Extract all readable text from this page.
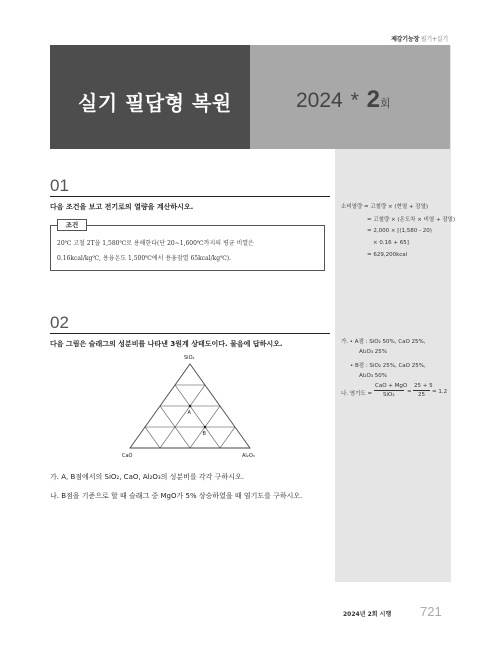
제강기능장 필기+실기
실기 필답형 복원	2024 * 2회
01
다음 조건을 보고 전기로의 열량을 계산하시오.
조건
20℃ 고철 2T을 1,580℃로 용해한다(단 20~1,600℃까지의 평균 비열은
0.16kcal/kg℃, 용융온도 1,500℃에서 용융잠열 65kcal/kg℃).
소비열량 = 고철량 × (현열 + 잠열)
= 고철량 × (온도차 × 비열 + 잠열)
= 2,000 × [(1,580 - 20)
× 0.16 + 65]
= 629,200kcal
02
다음 그림은 슬래그의 성분비를 나타낸 3원계 상태도이다. 물음에 답하시오.
SiO₂
CaO	Al₂O₃
A
B
가. A, B점에서의 SiO₂, CaO, Al₂O₃의 성분비를 각각 구하시오.
나. B점을 기준으로 할 때 슬래그 중 MgO가 5% 상승하였을 때 염기도를 구하시오.
가. • A점 : SiO₂ 50%, CaO 25%,
Al₂O₃ 25%
• B점 : SiO₂ 25%, CaO 25%,
Al₂O₃ 50%
나. 염기도 =
CaO + MgO
SiO₂ =
25 + 5
25 = 1.2
2024년 2회 시행 721
